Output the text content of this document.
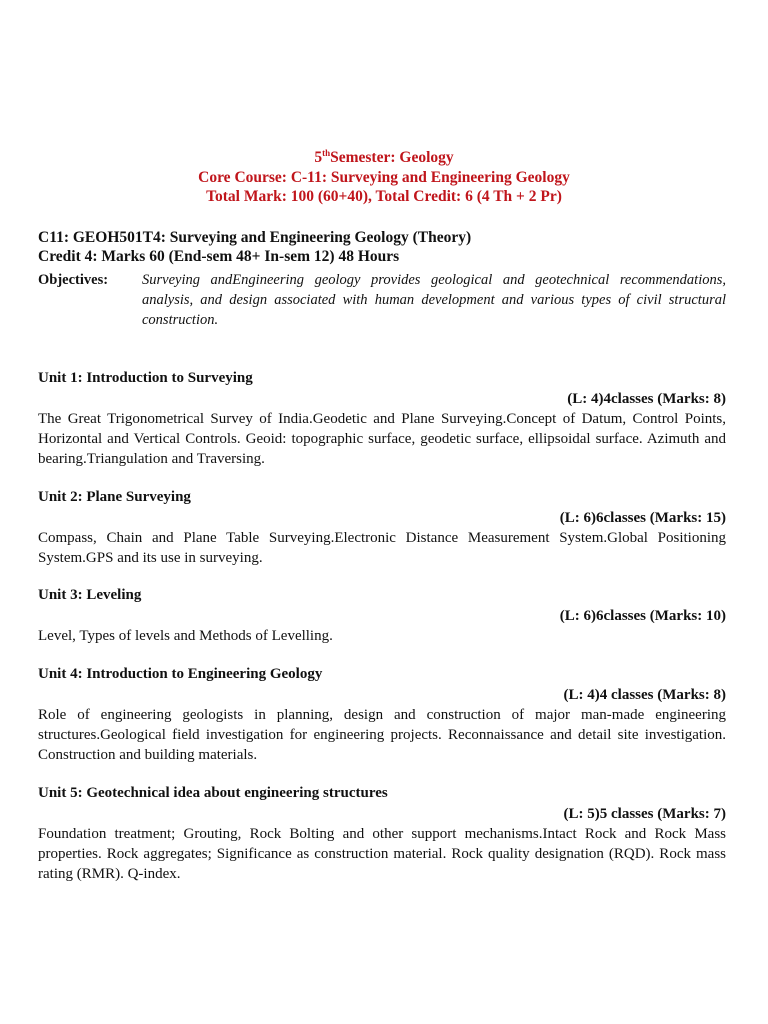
5thSemester: Geology
Core Course: C-11: Surveying and Engineering Geology
Total Mark: 100 (60+40), Total Credit: 6 (4 Th + 2 Pr)
C11: GEOH501T4: Surveying and Engineering Geology (Theory)
Credit 4: Marks 60 (End-sem 48+ In-sem 12) 48 Hours
Objectives:	Surveying andEngineering geology provides geological and geotechnical recommendations, analysis, and design associated with human development and various types of civil structural construction.
Unit 1: Introduction to Surveying
(L: 4)4classes (Marks: 8)
The Great Trigonometrical Survey of India.Geodetic and Plane Surveying.Concept of Datum, Control Points, Horizontal and Vertical Controls. Geoid: topographic surface, geodetic surface, ellipsoidal surface. Azimuth and bearing.Triangulation and Traversing.
Unit 2: Plane Surveying
(L: 6)6classes (Marks: 15)
Compass, Chain and Plane Table Surveying.Electronic Distance Measurement System.Global Positioning System.GPS and its use in surveying.
Unit 3: Leveling
(L: 6)6classes (Marks: 10)
Level, Types of levels and Methods of Levelling.
Unit 4: Introduction to Engineering Geology
(L: 4)4 classes (Marks: 8)
Role of engineering geologists in planning, design and construction of major man-made engineering structures.Geological field investigation for engineering projects. Reconnaissance and detail site investigation. Construction and building materials.
Unit 5: Geotechnical idea about engineering structures
(L: 5)5 classes (Marks: 7)
Foundation treatment; Grouting, Rock Bolting and other support mechanisms.Intact Rock and Rock Mass properties. Rock aggregates; Significance as construction material. Rock quality designation (RQD). Rock mass rating (RMR). Q-index.
